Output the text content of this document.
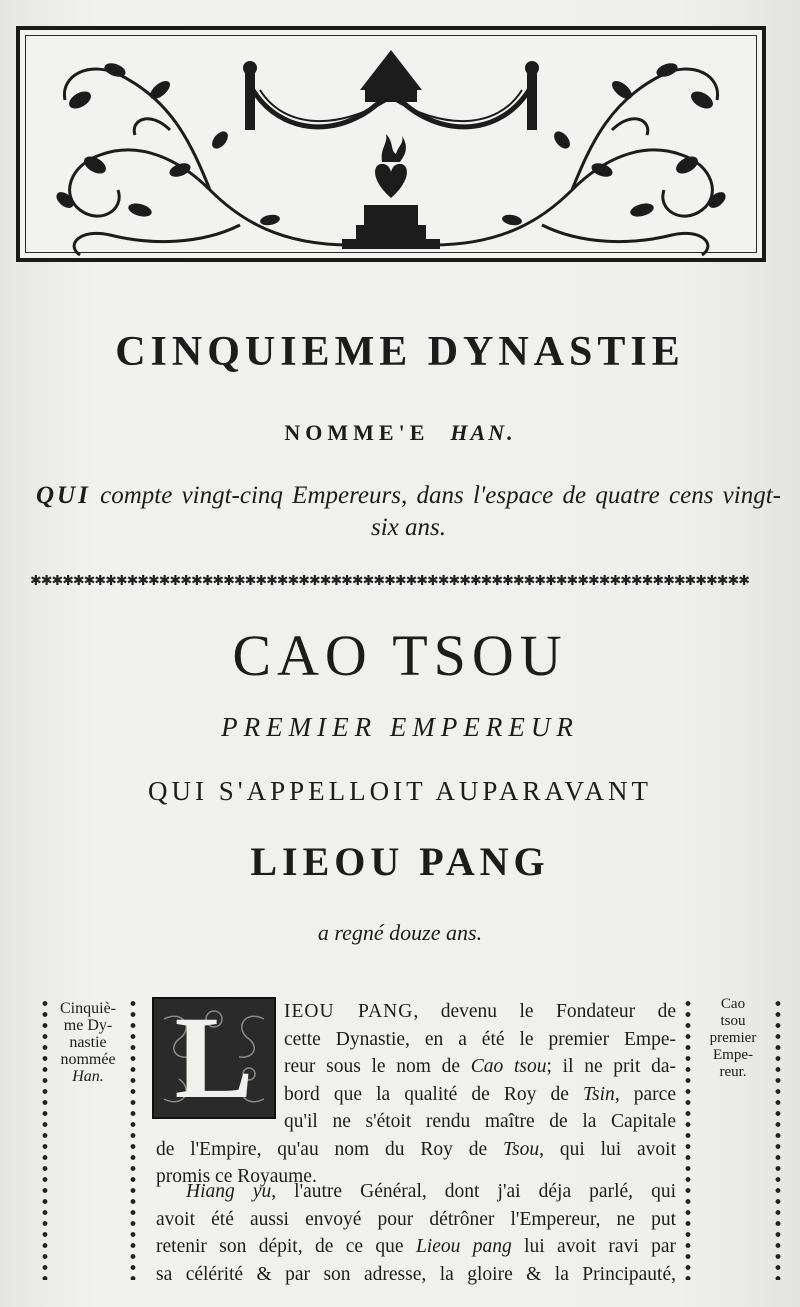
CINQUIEME DYNASTIE
NOMME'E HAN.
QUI compte vingt-cinq Empereurs, dans l'espace de quatre cens vingt-six ans.
✱✱✱✱✱✱✱✱✱✱✱✱✱✱✱✱✱✱✱✱✱✱✱✱✱✱✱✱✱✱✱✱✱✱✱✱✱✱✱✱✱✱✱✱✱✱✱✱✱✱✱✱✱✱✱✱✱✱✱✱✱✱✱✱✱✱✱
CAO TSOU
PREMIER EMPEREUR
QUI S'APPELLOIT AUPARAVANT
LIEOU PANG
a regné douze ans.
Cinquiè-
me Dy-
nastie
nommée
Han.
Cao
tsou
premier
Empe-
reur.
L	IEOU PANG, devenu le Fondateur de
cette Dynastie, en a été le premier Empe-
reur sous le nom de Cao tsou; il ne prit da-
bord que la qualité de Roy de Tsin, parce
qu'il ne s'étoit rendu maître de la Capitale
de l'Empire, qu'au nom du Roy de Tsou, qui lui avoit
promis ce Royaume.
Hiang yu, l'autre Général, dont j'ai déja parlé, qui
avoit été aussi envoyé pour détrôner l'Empereur, ne put
retenir son dépit, de ce que Lieou pang lui avoit ravi par
sa célérité & par son adresse, la gloire & la Principauté,
